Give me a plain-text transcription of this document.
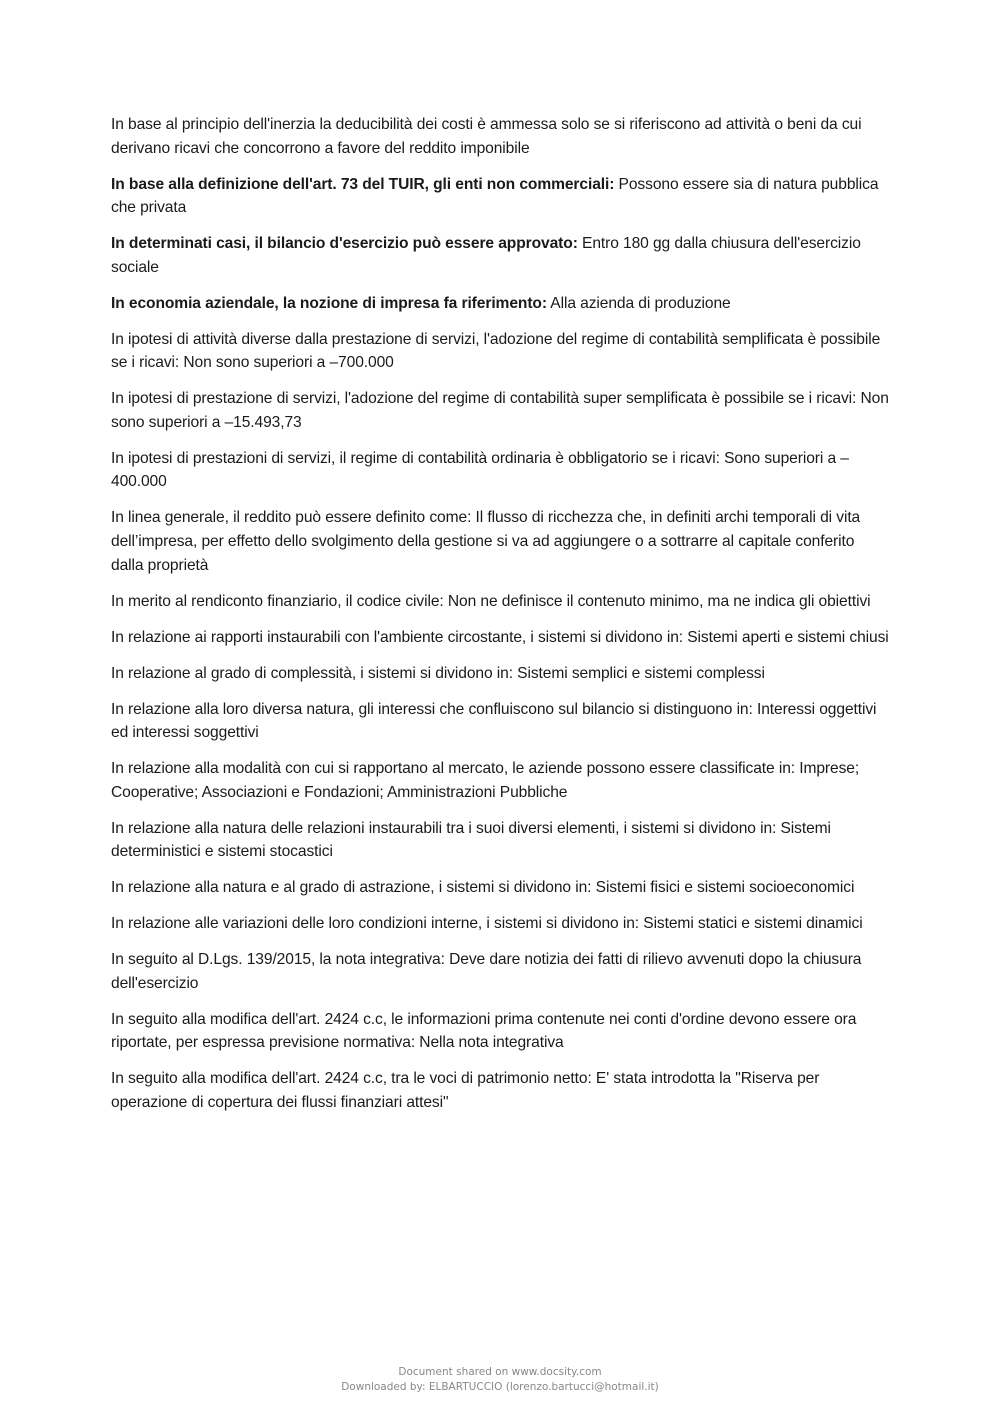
In base al principio dell'inerzia la deducibilità dei costi è ammessa solo se si riferiscono ad attività o beni da cui derivano ricavi che concorrono a favore del reddito imponibile

In base alla definizione dell'art. 73 del TUIR, gli enti non commerciali: Possono essere sia di natura pubblica che privata

In determinati casi, il bilancio d'esercizio può essere approvato: Entro 180 gg dalla chiusura dell'esercizio sociale

In economia aziendale, la nozione di impresa fa riferimento: Alla azienda di produzione

In ipotesi di attività diverse dalla prestazione di servizi, l'adozione del regime di contabilità semplificata è possibile se i ricavi: Non sono superiori a –700.000

In ipotesi di prestazione di servizi, l'adozione del regime di contabilità super semplificata è possibile se i ricavi: Non sono superiori a –15.493,73

In ipotesi di prestazioni di servizi, il regime di contabilità ordinaria è obbligatorio se i ricavi: Sono superiori a –400.000

In linea generale, il reddito può essere definito come: Il flusso di ricchezza che, in definiti archi temporali di vita dell’impresa, per effetto dello svolgimento della gestione si va ad aggiungere o a sottrarre al capitale conferito dalla proprietà

In merito al rendiconto finanziario, il codice civile: Non ne definisce il contenuto minimo, ma ne indica gli obiettivi

In relazione ai rapporti instaurabili con l'ambiente circostante, i sistemi si dividono in: Sistemi aperti e sistemi chiusi

In relazione al grado di complessità, i sistemi si dividono in: Sistemi semplici e sistemi complessi

In relazione alla loro diversa natura, gli interessi che confluiscono sul bilancio si distinguono in: Interessi oggettivi ed interessi soggettivi

In relazione alla modalità con cui si rapportano al mercato, le aziende possono essere classificate in: Imprese; Cooperative; Associazioni e Fondazioni; Amministrazioni Pubbliche

In relazione alla natura delle relazioni instaurabili tra i suoi diversi elementi, i sistemi si dividono in: Sistemi deterministici e sistemi stocastici

In relazione alla natura e al grado di astrazione, i sistemi si dividono in: Sistemi fisici e sistemi socioeconomici

In relazione alle variazioni delle loro condizioni interne, i sistemi si dividono in: Sistemi statici e sistemi dinamici

In seguito al D.Lgs. 139/2015, la nota integrativa: Deve dare notizia dei fatti di rilievo avvenuti dopo la chiusura dell'esercizio

In seguito alla modifica dell'art. 2424 c.c, le informazioni prima contenute nei conti d'ordine devono essere ora riportate, per espressa previsione normativa: Nella nota integrativa

In seguito alla modifica dell'art. 2424 c.c, tra le voci di patrimonio netto: E' stata introdotta la "Riserva per operazione di copertura dei flussi finanziari attesi"

Document shared on www.docsity.com
Downloaded by: ELBARTUCCIO (lorenzo.bartucci@hotmail.it)
